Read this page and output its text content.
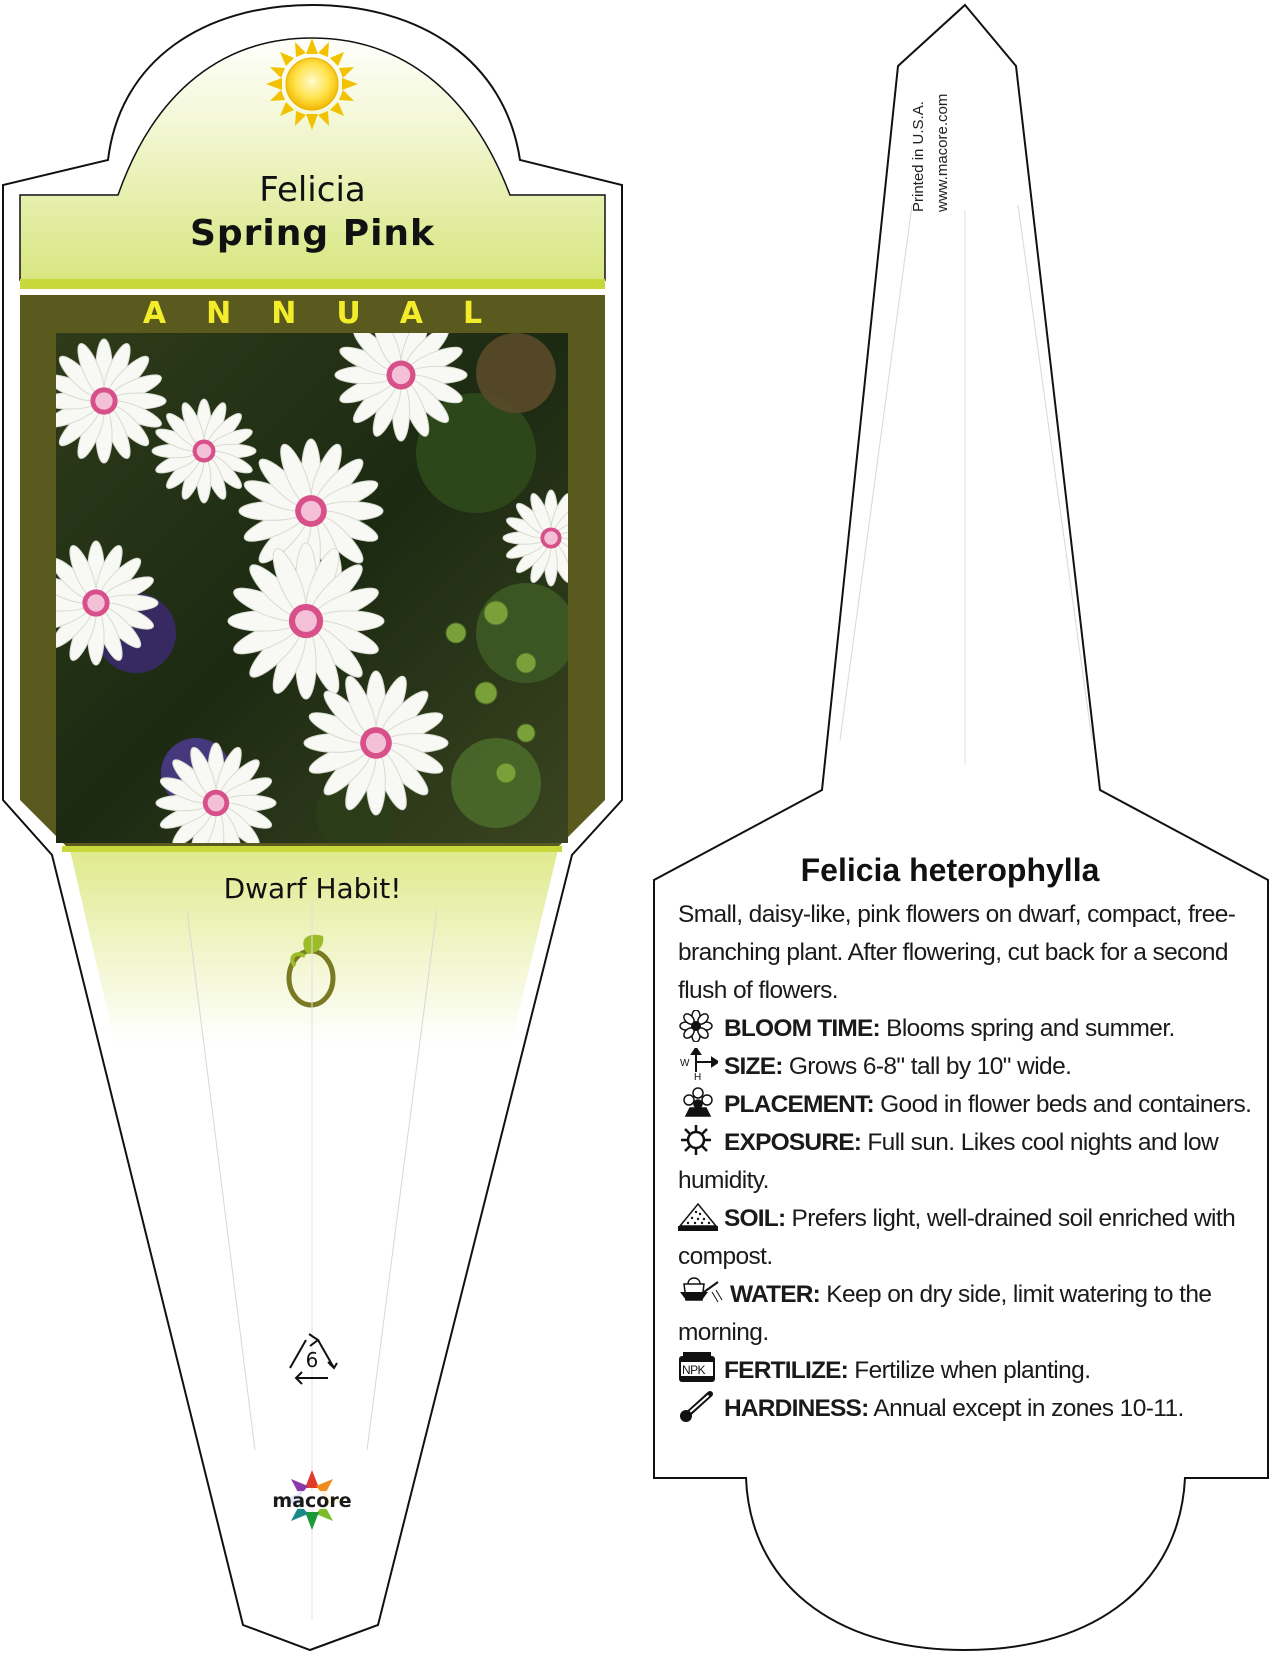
Felicia
Spring Pink
ANNUAL
Dwarf Habit!
6
macore
Printed in U.S.A. www.macore.com
Felicia heterophylla

Small, daisy-like, pink flowers on dwarf, compact, free-branching plant. After flowering, cut back for a second flush of flowers.

BLOOM TIME: Blooms spring and summer.
W
H SIZE: Grows 6-8" tall by 10" wide.
PLACEMENT: Good in flower beds and containers.
EXPOSURE: Full sun. Likes cool nights and low humidity.
SOIL: Prefers light, well-drained soil enriched with compost.
WATER: Keep on dry side, limit watering to the morning.
NPK FERTILIZE: Fertilize when planting.
HARDINESS: Annual except in zones 10-11.
